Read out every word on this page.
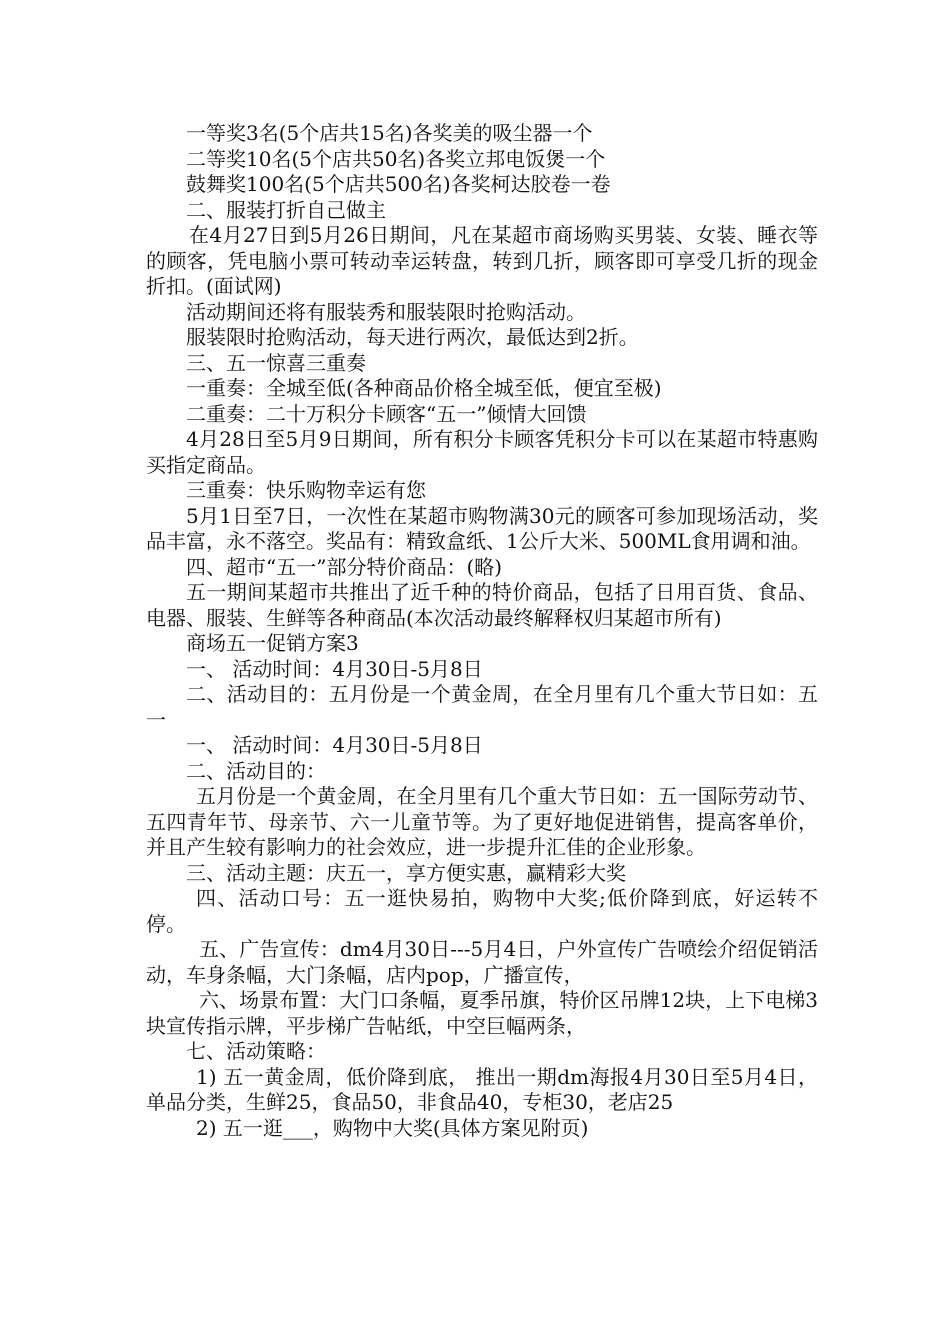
一等奖3名(5个店共15名)各奖美的吸尘器一个

二等奖10名(5个店共50名)各奖立邦电饭煲一个

鼓舞奖100名(5个店共500名)各奖柯达胶卷一卷

二、服装打折自己做主

在4月27日到5月26日期间，凡在某超市商场购买男装、女装、睡衣等的顾客，凭电脑小票可转动幸运转盘，转到几折，顾客即可享受几折的现金折扣。(面试网)

活动期间还将有服装秀和服装限时抢购活动。

服装限时抢购活动，每天进行两次，最低达到2折。

三、五一惊喜三重奏

一重奏：全城至低(各种商品价格全城至低，便宜至极)

二重奏：二十万积分卡顾客“五一”倾情大回馈

4月28日至5月9日期间，所有积分卡顾客凭积分卡可以在某超市特惠购买指定商品。

三重奏：快乐购物幸运有您

5月1日至7日，一次性在某超市购物满30元的顾客可参加现场活动，奖品丰富，永不落空。奖品有：精致盒纸、1公斤大米、500ML食用调和油。

四、超市“五一”部分特价商品：(略)

五一期间某超市共推出了近千种的特价商品，包括了日用百货、食品、电器、服装、生鲜等各种商品(本次活动最终解释权归某超市所有)

商场五一促销方案3

一、 活动时间：4月30日-5月8日

二、活动目的：五月份是一个黄金周，在全月里有几个重大节日如：五一

一、 活动时间：4月30日-5月8日

二、活动目的：

五月份是一个黄金周，在全月里有几个重大节日如：五一国际劳动节、五四青年节、母亲节、六一儿童节等。为了更好地促进销售，提高客单价，并且产生较有影响力的社会效应，进一步提升汇佳的企业形象。

三、活动主题：庆五一，享方便实惠，赢精彩大奖

四、活动口号：五一逛快易拍，购物中大奖;低价降到底，好运转不停。

五、广告宣传：dm4月30日---5月4日，户外宣传广告喷绘介绍促销活动，车身条幅，大门条幅，店内pop，广播宣传，

六、场景布置：大门口条幅，夏季吊旗，特价区吊牌12块，上下电梯3块宣传指示牌，平步梯广告帖纸，中空巨幅两条，

七、活动策略：

1) 五一黄金周，低价降到底， 推出一期dm海报4月30日至5月4日，单品分类，生鲜25，食品50，非食品40，专柜30，老店25

2) 五一逛___，购物中大奖(具体方案见附页)
